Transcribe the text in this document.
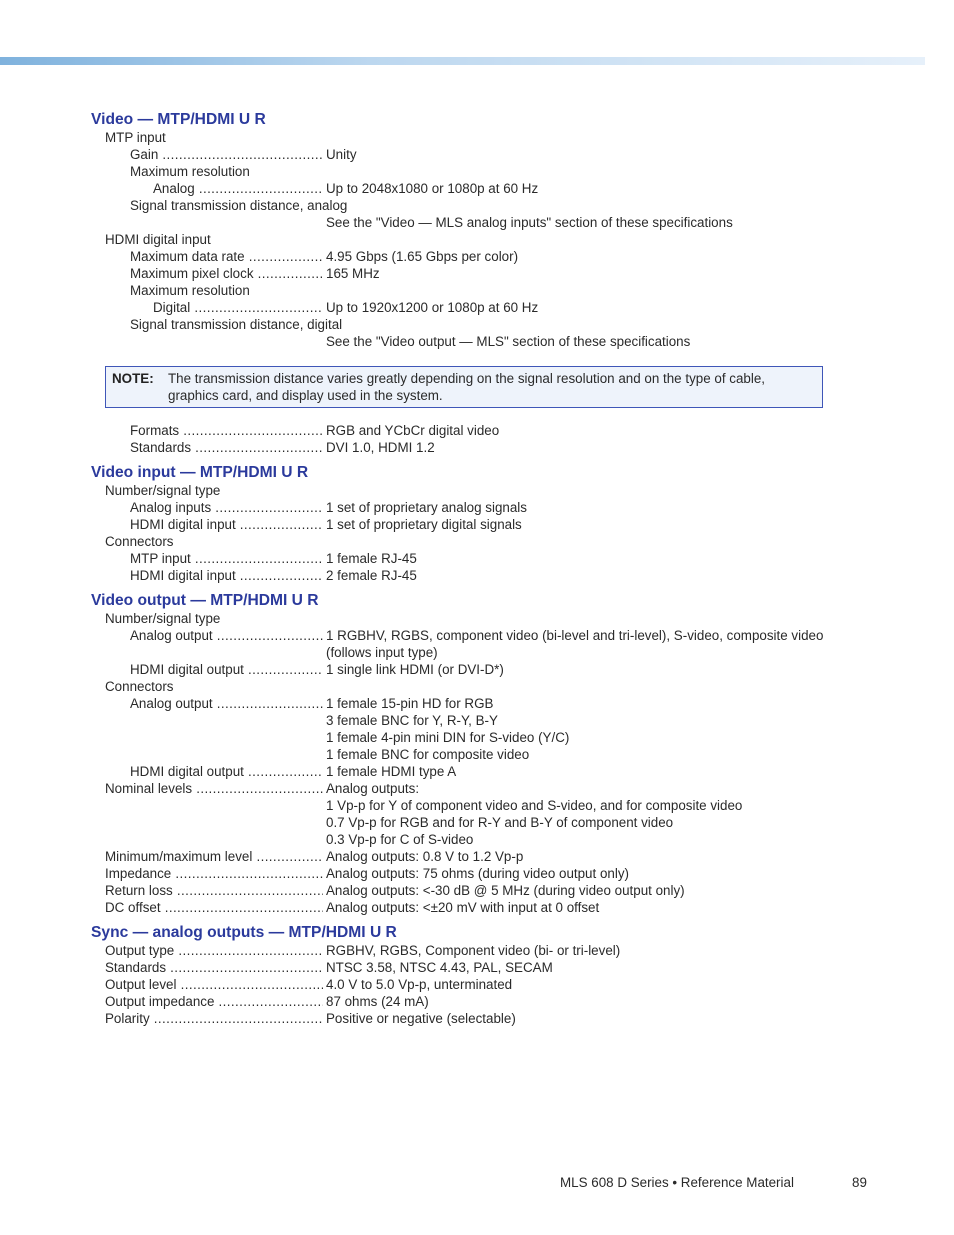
Video — MTP/HDMI U R
MTP input
Gain .....	Unity
Maximum resolution
Analog .....	Up to 2048x1080 or 1080p at 60 Hz
Signal transmission distance, analog
See the "Video — MLS analog inputs" section of these specifications
HDMI digital input
Maximum data rate .....	4.95 Gbps (1.65 Gbps per color)
Maximum pixel clock .....	165 MHz
Maximum resolution
Digital .....	Up to 1920x1200 or 1080p at 60 Hz
Signal transmission distance, digital
See the "Video output — MLS" section of these specifications
NOTE: The transmission distance varies greatly depending on the signal resolution and on the type of cable, graphics card, and display used in the system.
Formats .....	RGB and YCbCr digital video
Standards .....	DVI 1.0, HDMI 1.2
Video input — MTP/HDMI U R
Number/signal type
Analog inputs .....	1 set of proprietary analog signals
HDMI digital input .....	1 set of proprietary digital signals
Connectors
MTP input .....	1 female RJ-45
HDMI digital input .....	2 female RJ-45
Video output — MTP/HDMI U R
Number/signal type
Analog output .....	1 RGBHV, RGBS, component video (bi-level and tri-level), S-video, composite video
(follows input type)
HDMI digital output .....	1 single link HDMI (or DVI-D*)
Connectors
Analog output .....	1 female 15-pin HD for RGB
3 female BNC for Y, R-Y, B-Y
1 female 4-pin mini DIN for S-video (Y/C)
1 female BNC for composite video
HDMI digital output .....	1 female HDMI type A
Nominal levels .....	Analog outputs:
1 Vp-p for Y of component video and S-video, and for composite video
0.7 Vp-p for RGB and for R-Y and B-Y of component video
0.3 Vp-p for C of S-video
Minimum/maximum level .....	Analog outputs: 0.8 V to 1.2 Vp-p
Impedance .....	Analog outputs: 75 ohms (during video output only)
Return loss .....	Analog outputs: <-30 dB @ 5 MHz (during video output only)
DC offset .....	Analog outputs: <±20 mV with input at 0 offset
Sync — analog outputs — MTP/HDMI U R
Output type .....	RGBHV, RGBS, Component video (bi- or tri-level)
Standards .....	NTSC 3.58, NTSC 4.43, PAL, SECAM
Output level .....	4.0 V to 5.0 Vp-p, unterminated
Output impedance .....	87 ohms (24 mA)
Polarity .....	Positive or negative (selectable)
MLS 608 D Series • Reference Material	89
